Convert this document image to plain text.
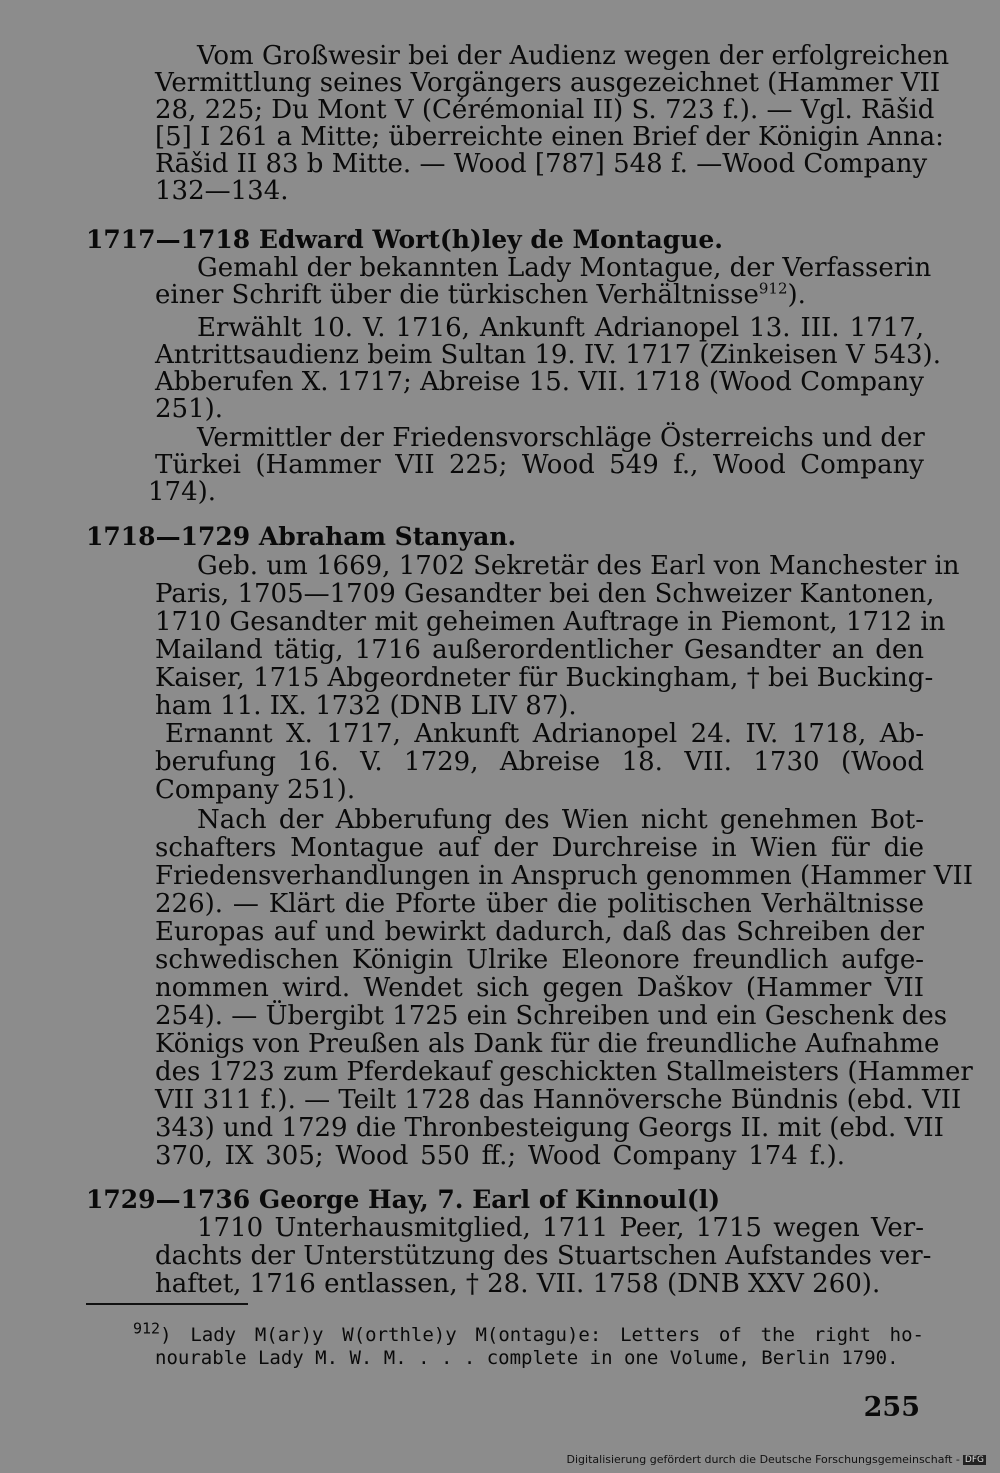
Vom Großwesir bei der Audienz wegen der erfolgreichen
Vermittlung seines Vorgängers ausgezeichnet (Hammer VII
28, 225; Du Mont V (Cérémonial II) S. 723 f.). — Vgl. Rāšid
[5] I 261 a Mitte; überreichte einen Brief der Königin Anna:
Rāšid II 83 b Mitte. — Wood [787] 548 f. —Wood Company
132—134.
1717—1718 Edward Wort(h)ley de Montague.
Gemahl der bekannten Lady Montague, der Verfasserin
einer Schrift über die türkischen Verhältnisse$^{912}$).
Erwählt 10. V. 1716, Ankunft Adrianopel 13. III. 1717,
Antrittsaudienz beim Sultan 19. IV. 1717 (Zinkeisen V 543).
Abberufen X. 1717; Abreise 15. VII. 1718 (Wood Company
251).
Vermittler der Friedensvorschläge Österreichs und der
Türkei (Hammer VII 225; Wood 549 f., Wood Company
174).
1718—1729 Abraham Stanyan.
Geb. um 1669, 1702 Sekretär des Earl von Manchester in
Paris, 1705—1709 Gesandter bei den Schweizer Kantonen,
1710 Gesandter mit geheimen Auftrage in Piemont, 1712 in
Mailand tätig, 1716 außerordentlicher Gesandter an den
Kaiser, 1715 Abgeordneter für Buckingham, † bei Bucking-
ham 11. IX. 1732 (DNB LIV 87).
Ernannt X. 1717, Ankunft Adrianopel 24. IV. 1718, Ab-
berufung 16. V. 1729, Abreise 18. VII. 1730 (Wood
Company 251).
Nach der Abberufung des Wien nicht genehmen Bot-
schafters Montague auf der Durchreise in Wien für die
Friedensverhandlungen in Anspruch genommen (Hammer VII
226). — Klärt die Pforte über die politischen Verhältnisse
Europas auf und bewirkt dadurch, daß das Schreiben der
schwedischen Königin Ulrike Eleonore freundlich aufge-
nommen wird. Wendet sich gegen Daškov (Hammer VII
254). — Übergibt 1725 ein Schreiben und ein Geschenk des
Königs von Preußen als Dank für die freundliche Aufnahme
des 1723 zum Pferdekauf geschickten Stallmeisters (Hammer
VII 311 f.). — Teilt 1728 das Hannöversche Bündnis (ebd. VII
343) und 1729 die Thronbesteigung Georgs II. mit (ebd. VII
370, IX 305; Wood 550 ff.; Wood Company 174 f.).
1729—1736 George Hay, 7. Earl of Kinnoul(l)
1710 Unterhausmitglied, 1711 Peer, 1715 wegen Ver-
dachts der Unterstützung des Stuartschen Aufstandes ver-
haftet, 1716 entlassen, † 28. VII. 1758 (DNB XXV 260).
$^{912}$) Lady M(ar)y W(orthle)y M(ontagu)e: Letters of the right ho-
nourable Lady M. W. M. . . . complete in one Volume, Berlin 1790.
255
Digitalisierung gefördert durch die Deutsche Forschungsgemeinschaft - DFG
